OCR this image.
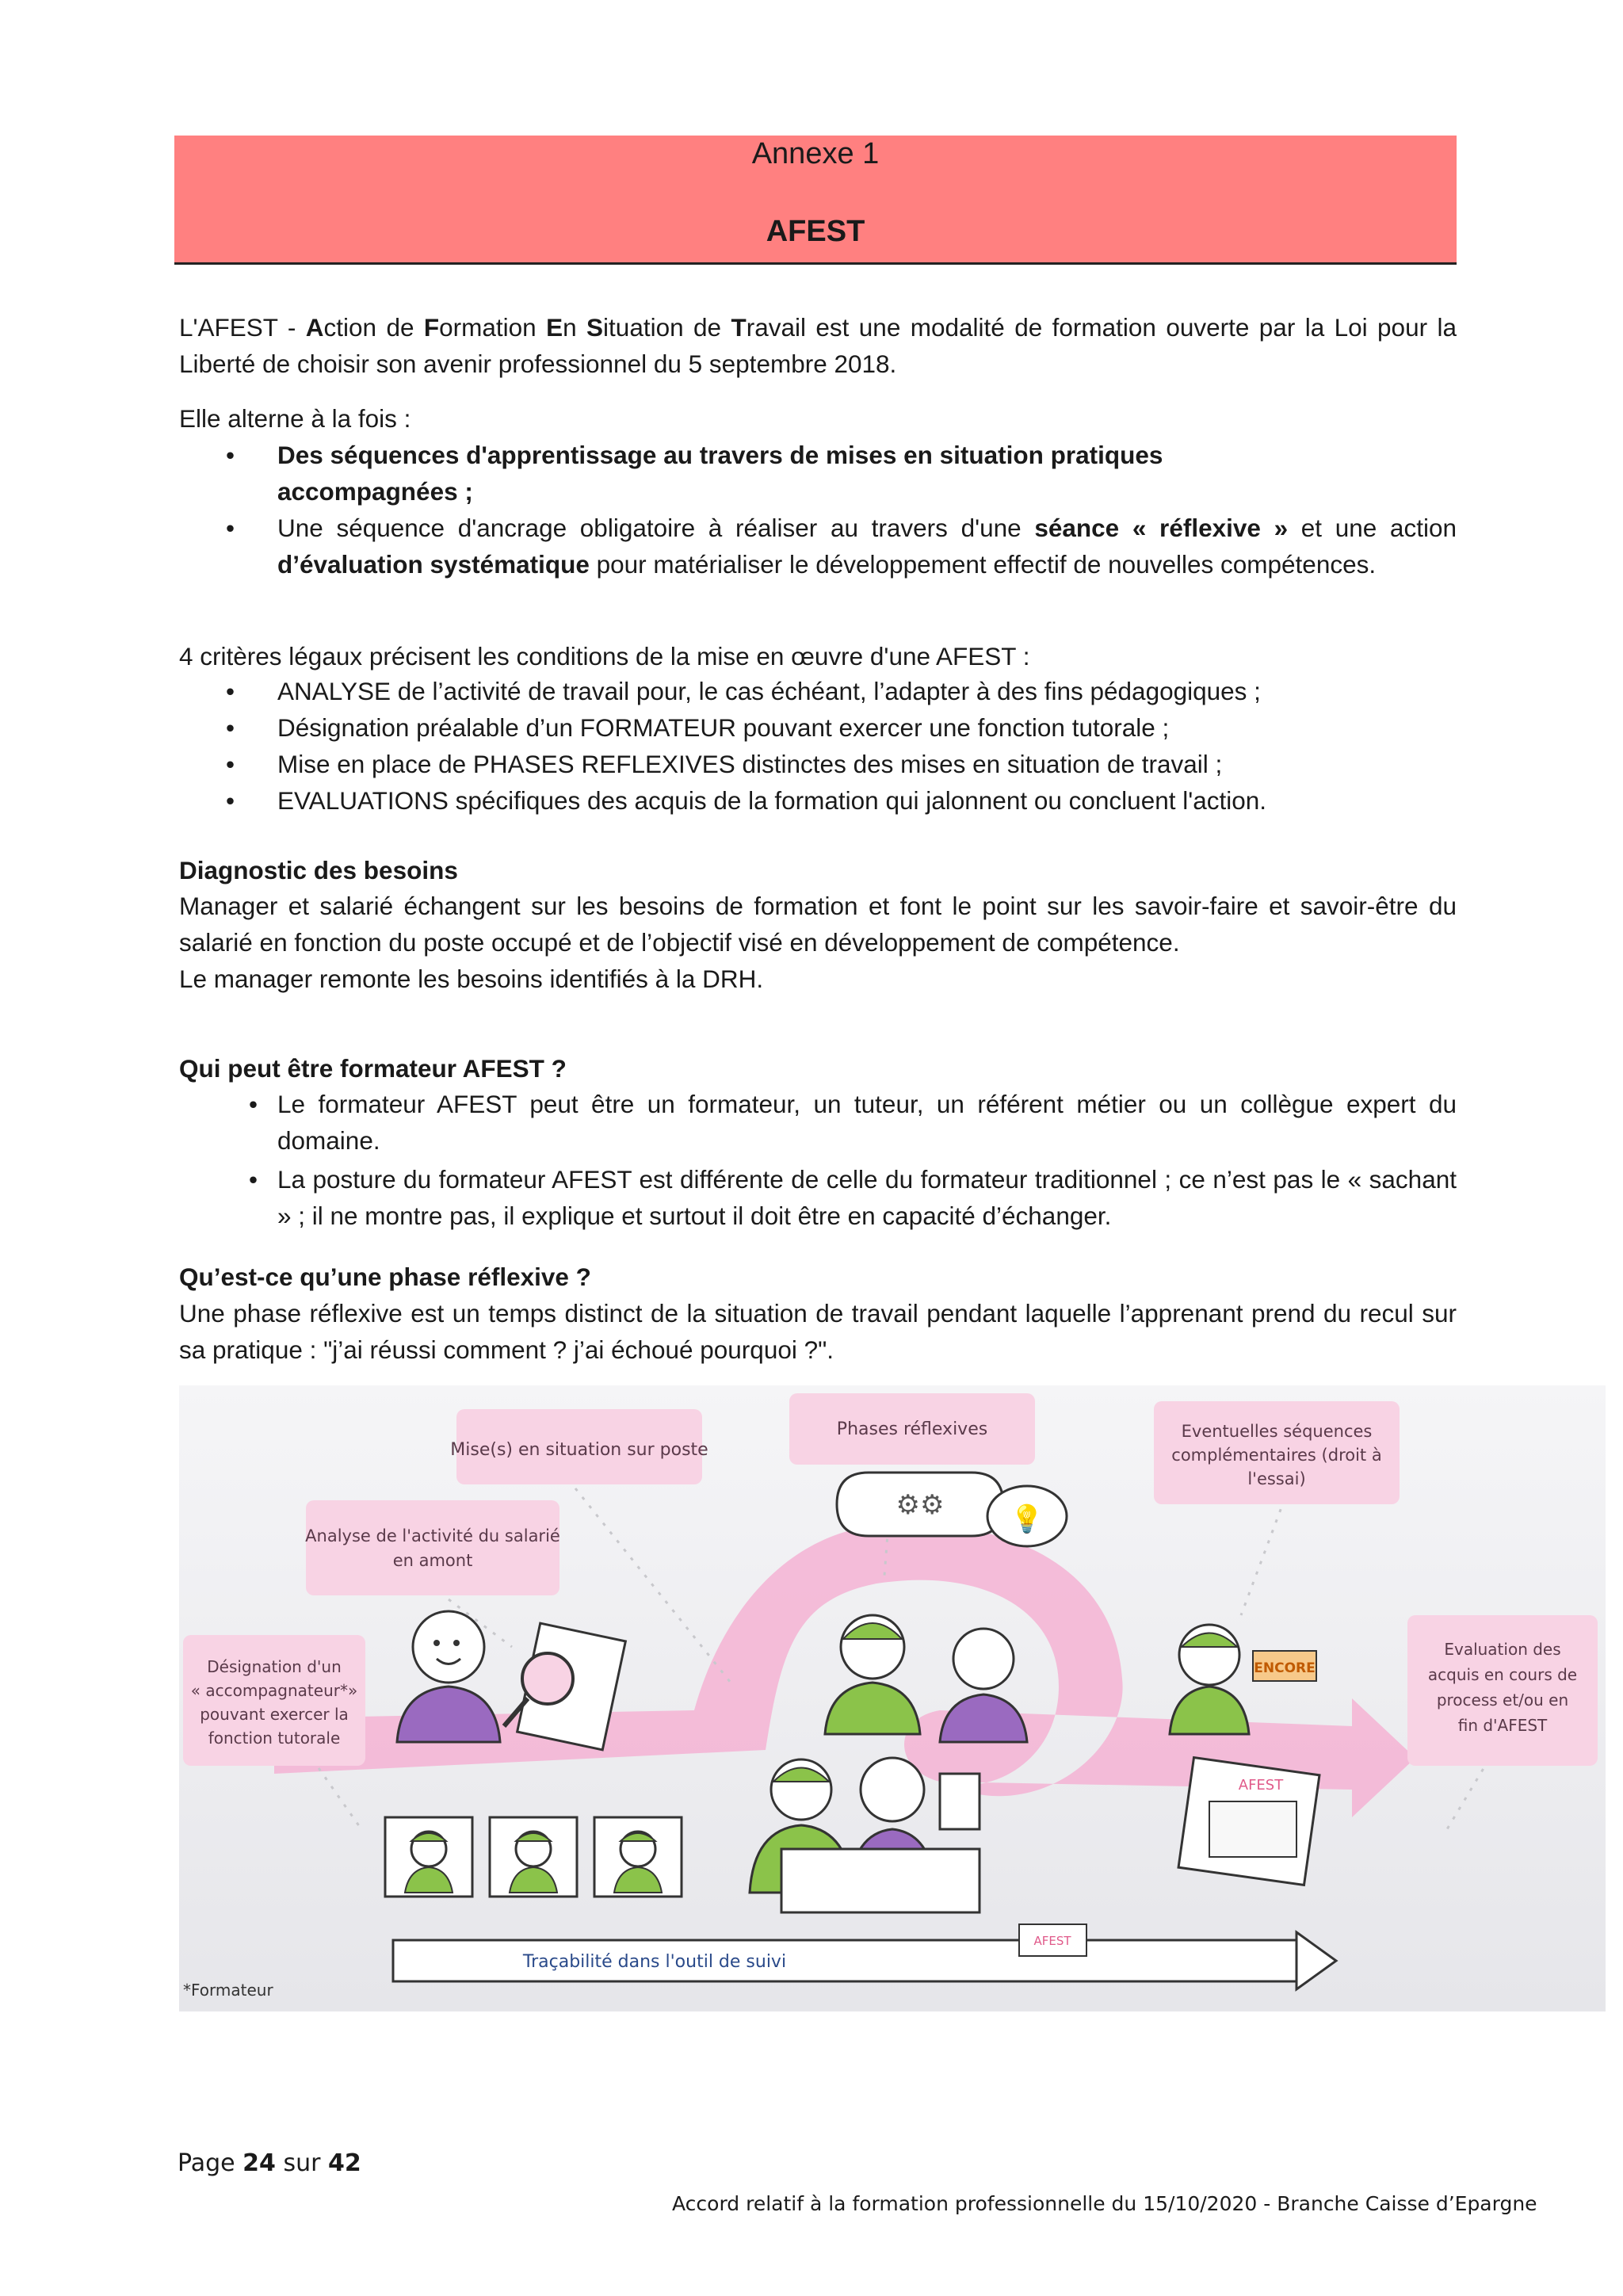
Annexe 1
AFEST
L'AFEST - Action de Formation En Situation de Travail est une modalité de formation ouverte par la Loi pour la Liberté de choisir son avenir professionnel du 5 septembre 2018.
Elle alterne à la fois :
• Des séquences d'apprentissage au travers de mises en situation pratiques accompagnées ;
• Une séquence d'ancrage obligatoire à réaliser au travers d'une séance « réflexive » et une action d’évaluation systématique pour matérialiser le développement effectif de nouvelles compétences.
4 critères légaux précisent les conditions de la mise en œuvre d'une AFEST :
• ANALYSE de l’activité de travail pour, le cas échéant, l’adapter à des fins pédagogiques ;
• Désignation préalable d’un FORMATEUR pouvant exercer une fonction tutorale ;
• Mise en place de PHASES REFLEXIVES distinctes des mises en situation de travail ;
• EVALUATIONS spécifiques des acquis de la formation qui jalonnent ou concluent l'action.
Diagnostic des besoins
Manager et salarié échangent sur les besoins de formation et font le point sur les savoir-faire et savoir-être du salarié en fonction du poste occupé et de l’objectif visé en développement de compétence.
Le manager remonte les besoins identifiés à la DRH.
Qui peut être formateur AFEST ?
• Le formateur AFEST peut être un formateur, un tuteur, un référent métier ou un collègue expert du domaine.
• La posture du formateur AFEST est différente de celle du formateur traditionnel ; ce n’est pas le « sachant » ; il ne montre pas, il explique et surtout il doit être en capacité d’échanger.
Qu’est-ce qu’une phase réflexive ?
Une phase réflexive est un temps distinct de la situation de travail pendant laquelle l’apprenant prend du recul sur sa pratique : "j’ai réussi comment ? j’ai échoué pourquoi ?".
Mise(s) en situation sur poste
Phases réflexives	Eventuelles séquences
complémentaires (droit à
l'essai)
Analyse de l'activité du salarié
en amont
Désignation d'un
« accompagnateur*»
pouvant exercer la
fonction tutorale
Evaluation des
acquis en cours de
process et/ou en
fin d'AFEST
⚙⚙ 💡
ENCORE
AFEST
Traçabilité dans l'outil de suivi
AFEST
*Formateur
Page 24 sur 42
Accord relatif à la formation professionnelle du 15/10/2020 - Branche Caisse d’Epargne
